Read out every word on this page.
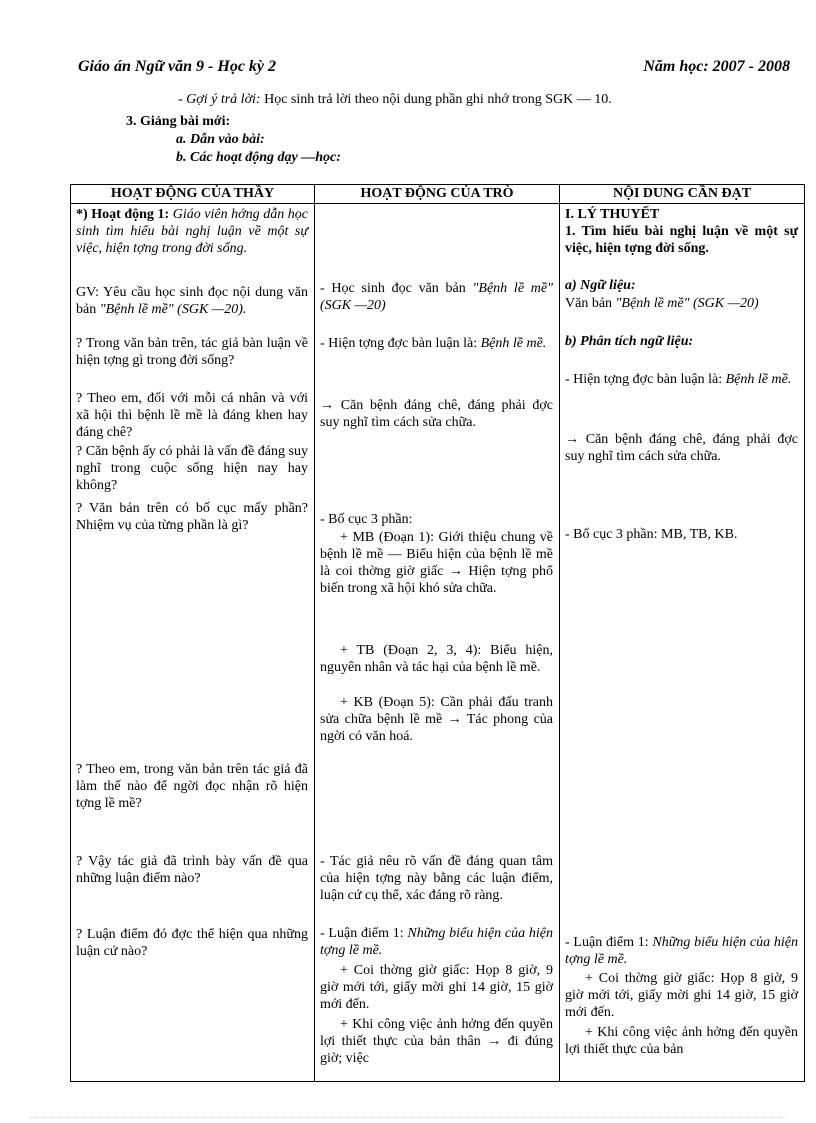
Giáo án Ngữ văn 9 - Học kỳ 2	Năm học: 2007 - 2008
- Gợi ý trả lời: Học sinh trả lời theo nội dung phần ghi nhớ trong SGK — 10.
3. Giảng bài mới:
a. Dẫn vào bài:
b. Các hoạt động dạy —học:
HOẠT ĐỘNG CỦA THẦY
*) Hoạt động 1: Giáo viên hớng dẫn học sinh tìm hiểu bài nghị luận về một sự việc, hiện tợng trong đời sống.
GV: Yêu cầu học sinh đọc nội dung văn bản "Bệnh lề mề" (SGK —20).
? Trong văn bản trên, tác giả bàn luận về hiện tợng gì trong đời sống?
? Theo em, đối với mỗi cá nhân và với xã hội thì bệnh lề mề là đáng khen hay đáng chê?
? Căn bệnh ấy có phải là vấn đề đáng suy nghĩ trong cuộc sống hiện nay hay không?
? Văn bản trên có bố cục mấy phần? Nhiệm vụ của từng phần là gì?
? Theo em, trong văn bản trên tác giả đã làm thế nào để ngời đọc nhận rõ hiện tợng lề mề?
? Vậy tác giả đã trình bày vấn đề qua những luận điểm nào?
? Luận điểm đó đợc thể hiện qua những luận cứ nào?
HOẠT ĐỘNG CỦA TRÒ
- Học sinh đọc văn bản "Bệnh lề mề" (SGK —20)
- Hiện tợng đợc bàn luận là: Bệnh lề mề.
→ Căn bệnh đáng chê, đáng phải đợc suy nghĩ tìm cách sửa chữa.
- Bố cục 3 phần:
+ MB (Đoạn 1): Giới thiệu chung về bệnh lề mề — Biểu hiện của bệnh lề mề là coi thờng giờ giấc → Hiện tợng phổ biến trong xã hội khó sửa chữa.
+ TB (Đoạn 2, 3, 4): Biểu hiện, nguyên nhân và tác hại của bệnh lề mề.
+ KB (Đoạn 5): Cần phải đấu tranh sửa chữa bệnh lề mề → Tác phong của ngời có văn hoá.
- Tác giả nêu rõ vấn đề đáng quan tâm của hiện tợng này bằng các luận điểm, luận cứ cụ thể, xác đáng rõ ràng.
- Luận điểm 1: Những biểu hiện của hiện tợng lề mề.
+ Coi thờng giờ giấc: Họp 8 giờ, 9 giờ mới tới, giấy mời ghi 14 giờ, 15 giờ mới đến.
+ Khi công việc ảnh hởng đến quyền lợi thiết thực của bản thân → đi đúng giờ; việc
NỘI DUNG CẦN ĐẠT
I. LÝ THUYẾT
1. Tìm hiểu bài nghị luận về một sự việc, hiện tợng đời sống.
a) Ngữ liệu:
Văn bản "Bệnh lề mề" (SGK —20)
b) Phân tích ngữ liệu:
- Hiện tợng đợc bàn luận là: Bệnh lề mề.
→ Căn bệnh đáng chê, đáng phải đợc suy nghĩ tìm cách sửa chữa.
- Bố cục 3 phần: MB, TB, KB.
- Luận điểm 1: Những biểu hiện của hiện tợng lề mề.
+ Coi thờng giờ giấc: Họp 8 giờ, 9 giờ mới tới, giấy mời ghi 14 giờ, 15 giờ mới đến.
+ Khi công việc ảnh hởng đến quyền lợi thiết thực của bản
